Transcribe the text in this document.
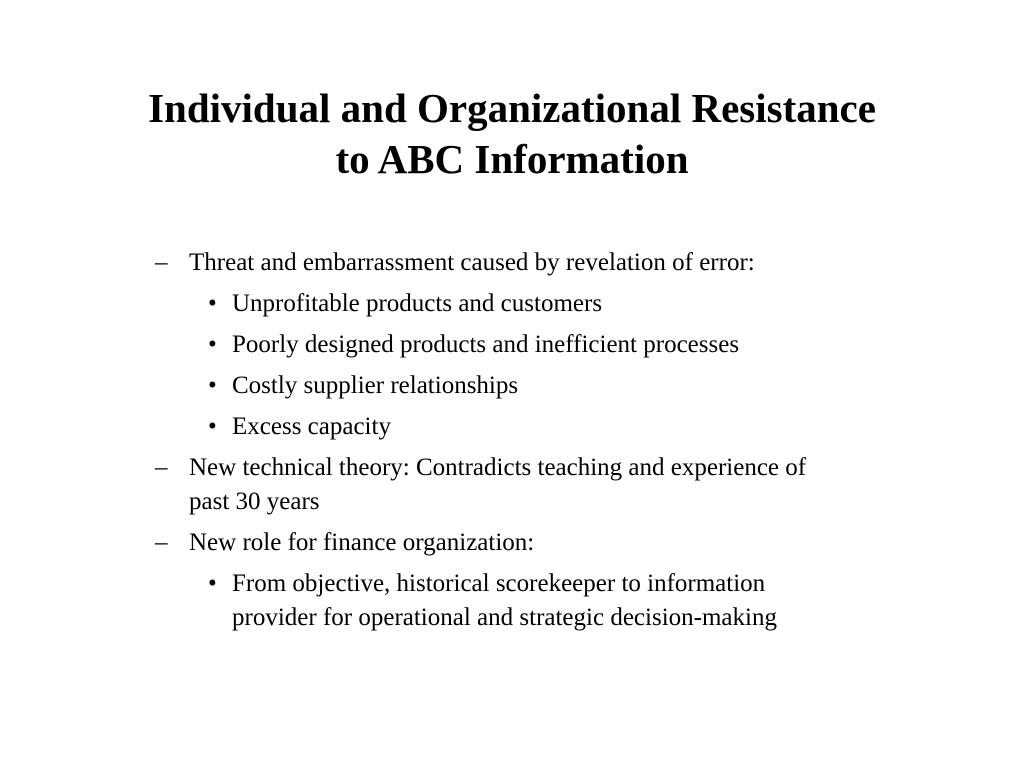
Individual and Organizational Resistance
to ABC Information
– Threat and embarrassment caused by revelation of error:
• Unprofitable products and customers
• Poorly designed products and inefficient processes
• Costly supplier relationships
• Excess capacity
– New technical theory: Contradicts teaching and experience of
past 30 years
– New role for finance organization:
• From objective, historical scorekeeper to information
provider for operational and strategic decision-making
